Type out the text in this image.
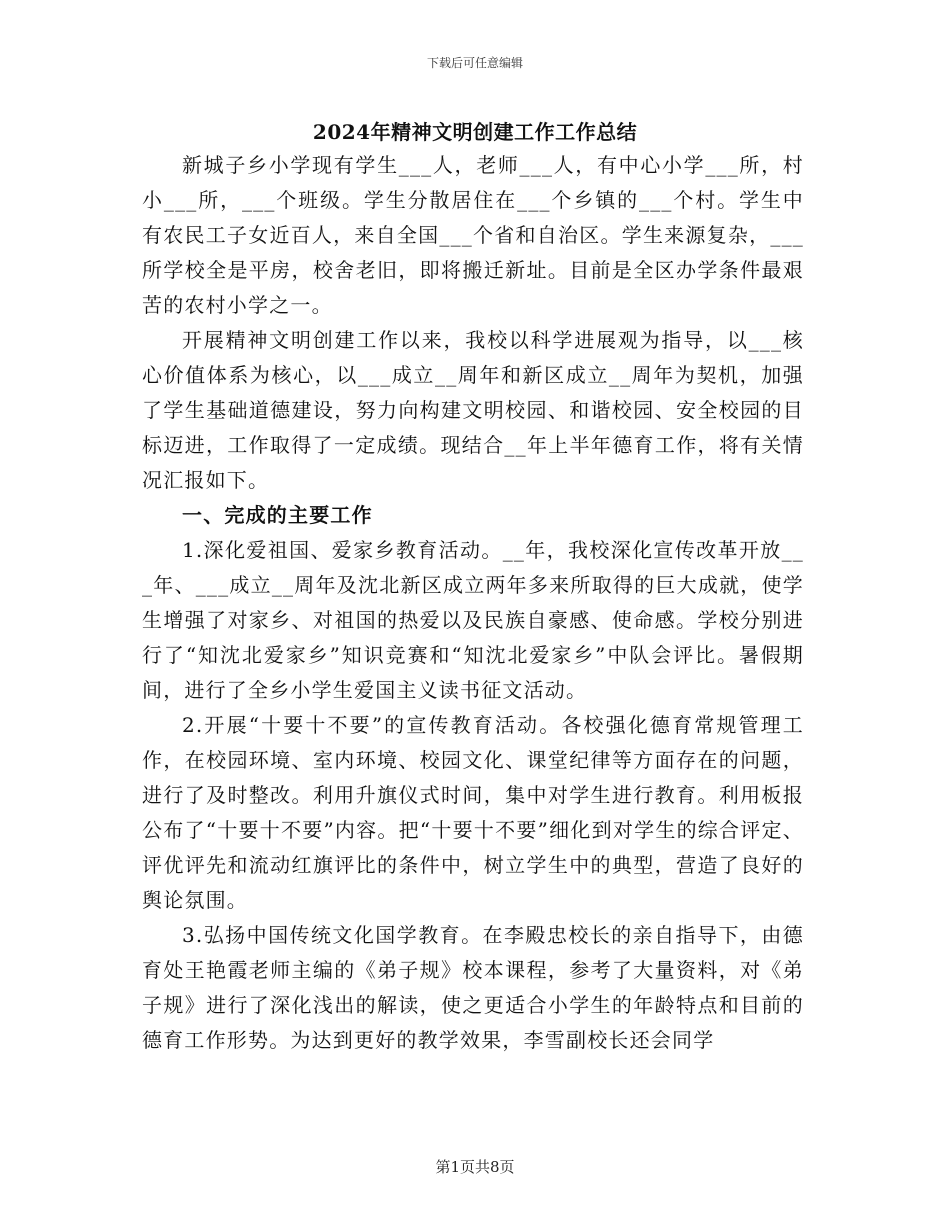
下载后可任意编辑
2024年精神文明创建工作工作总结

新城子乡小学现有学生___人，老师___人，有中心小学___所，村小___所，___个班级。学生分散居住在___个乡镇的___个村。学生中有农民工子女近百人，来自全国___个省和自治区。学生来源复杂，___所学校全是平房，校舍老旧，即将搬迁新址。目前是全区办学条件最艰苦的农村小学之一。

开展精神文明创建工作以来，我校以科学进展观为指导，以___核心价值体系为核心，以___成立__周年和新区成立__周年为契机，加强了学生基础道德建设，努力向构建文明校园、和谐校园、安全校园的目标迈进，工作取得了一定成绩。现结合__年上半年德育工作，将有关情况汇报如下。

一、完成的主要工作

1.深化爱祖国、爱家乡教育活动。__年，我校深化宣传改革开放___年、___成立__周年及沈北新区成立两年多来所取得的巨大成就，使学生增强了对家乡、对祖国的热爱以及民族自豪感、使命感。学校分别进行了“知沈北爱家乡”知识竞赛和“知沈北爱家乡”中队会评比。暑假期间，进行了全乡小学生爱国主义读书征文活动。

2.开展“十要十不要”的宣传教育活动。各校强化德育常规管理工作，在校园环境、室内环境、校园文化、课堂纪律等方面存在的问题，进行了及时整改。利用升旗仪式时间，集中对学生进行教育。利用板报公布了“十要十不要”内容。把“十要十不要”细化到对学生的综合评定、评优评先和流动红旗评比的条件中，树立学生中的典型，营造了良好的舆论氛围。

3.弘扬中国传统文化国学教育。在李殿忠校长的亲自指导下，由德育处王艳霞老师主编的《弟子规》校本课程，参考了大量资料，对《弟子规》进行了深化浅出的解读，使之更适合小学生的年龄特点和目前的德育工作形势。为达到更好的教学效果，李雪副校长还会同学

第1页共8页
